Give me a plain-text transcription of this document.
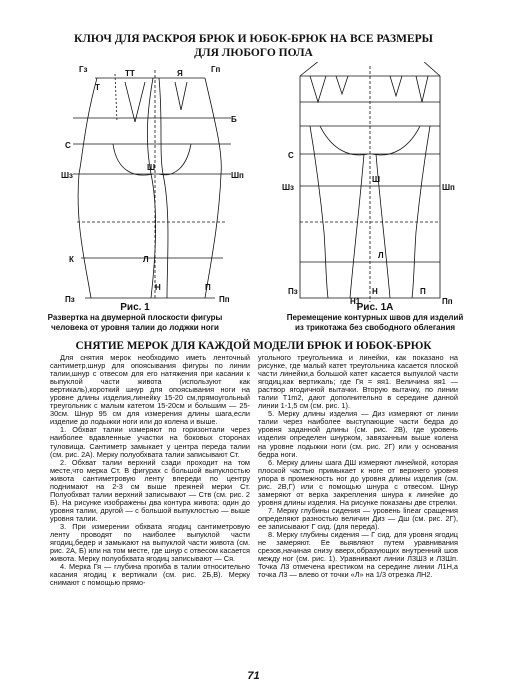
КЛЮЧ ДЛЯ РАСКРОЯ БРЮК И ЮБОК-БРЮК НА ВСЕ РАЗМЕРЫ
ДЛЯ ЛЮБОГО ПОЛА
Гз	Гп
С
ТТ
Б
Шз	Шп
Ш
Н
Пз
Л
К
Пп
П
Т
Я
Рис. 1
Развертка на двумерной плоскости фигуры
человека от уровня талии до лоджки ноги
С
Шз	Шп
Ш
Пз	Н
Н1
П
Пп
Л
Рис. 1А
Перемещение контурных швов для изделий
из трикотажа без свободного облегания
СНЯТИЕ МЕРОК ДЛЯ КАЖДОЙ МОДЕЛИ БРЮК И ЮБОК-БРЮК

Для снятия мерок необходимо иметь ленточный сантиметр,шнур для опоясывания фигуры по линии талии,шнур с отвесом для его натяжения при касании к выпуклой части живота (используют как вертикаль),короткий шнур для опоясывания ноги на уровне длины изделия,линейку 15-20 см,прямоугольный треугольник с малым катетом 15-20см и большим — 25-30см. Шнур 95 см для измерения длины шага,если изделие до лодыжки ноги или до колена и выше.

1. Обхват талии измеряют по горизонтали через наиболее вдавленные участки на боковых сторонах туловища. Сантиметр замыкает у центра переда талии (см. рис. 2А). Мерку полуобхвата талии записывают Ст.

2. Обхват талии верхний сзади проходит на том месте,что мерка Ст. В фигурах с большой выпуклостью живота сантиметровую ленту впереди по центру поднимают на 2-3 см выше прежней мерки Ст. Полуобхват талии верхний записывают — Ств (см. рис. 2 Б). На рисунке изображены два контура живота: один до уровня талии, другой — с большой выпуклостью — выше уровня талии.

3. При измерении обхвата ягодиц сантиметровую ленту проводят по наиболее выпуклой части ягодиц,бедер и замыкают на выпуклой части живота (см. рис. 2А, Б) или на том месте, где шнур с отвесом касается живота. Мерку полуобхвата ягодиц записывают — Ся.

4. Мерка Гя — глубина прогиба в талии относительно касания ягодиц к вертикали (см. рис. 2Б,В). Мерку снимают с помощью прямо-

угольного треугольника и линейки, как показано на рисунке, где малый катет треугольника касается плоской части линейки,а большой катет касается выпуклой части ягодиц,как вертикаль; где Гя = яя1. Величина яя1 — раствор ягодичной вытачки. Вторую вытачку, по линии талии Т1m2, дают дополнительно в середине данной линии 1-1,5 см (см. рис. 1).

5. Мерку длины изделия — Диз измеряют от линии талии через наиболее выступающие части бедра до уровня заданной длины (см. рис. 2В), где уровень изделия определен шнурком, завязанным выше колена на уровне лодыжки ноги (см. рис. 2Г) или у основания бедра ноги.

6. Мерку длины шага ДШ измеряют линейкой, которая плоской частью примыкает к ноге от верхнего уровня упора в промежность ног до уровня длины изделия (см. рис. 2В,Г) или с помощью шнура с отвесом. Шнур замеряют от верха закрепления шнура к линейке до уровня длины изделия. На рисунке показаны две стрелки.

7. Мерку глубины сидения — уровень linear сращения определяют разностью величин Диз — Дш (см. рис. 2Г), ее записывают Г сид. (для переда).

8. Мерку глубины сидения — Г сид. для уровня ягодиц не замеряют. Ее выявляют путем уравнивания срезов,начиная снизу вверх,образующих внутренний шов между ног (см. рис. 1). Уравнивают линии Л3Ш3 и Л3Шп. Точка Л3 отмечена крестиком на середине линии Л1Н,а точка Л3 — влево от точки «Л» на 1/3 отрезка ЛН2.

71
